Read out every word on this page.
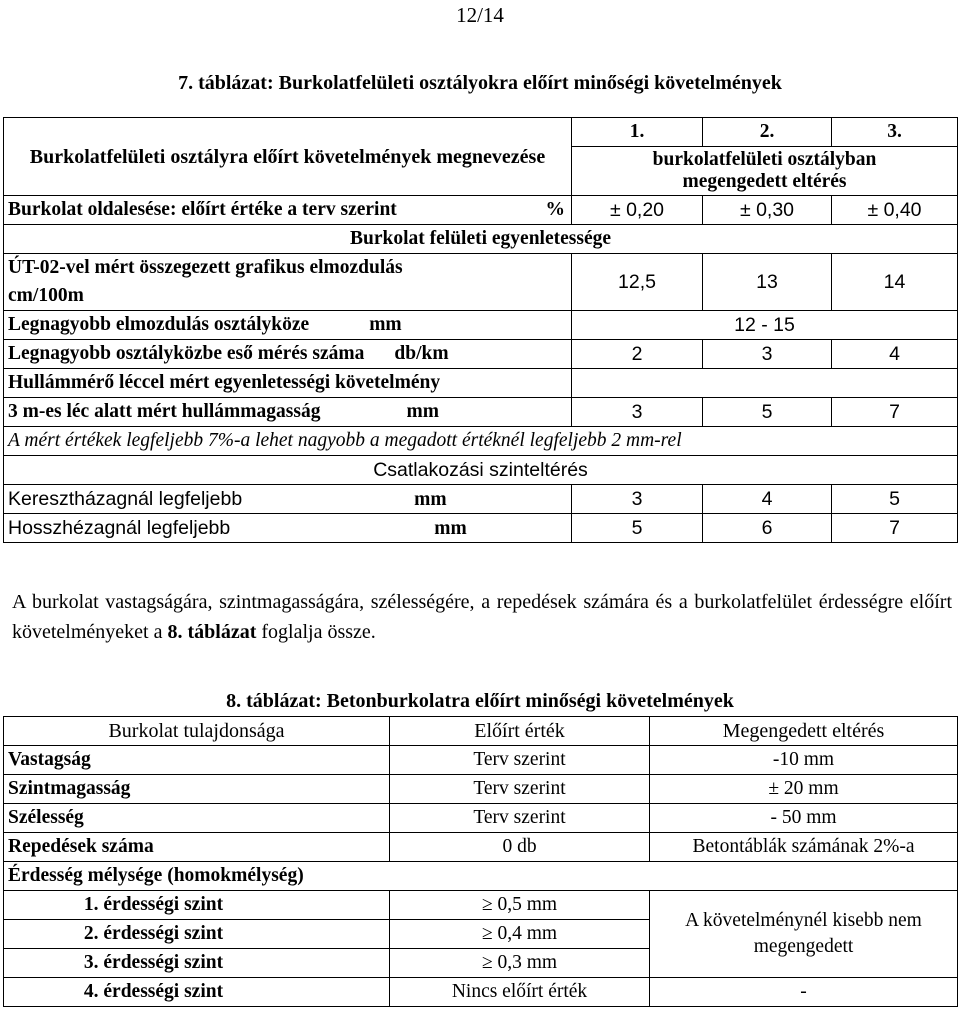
12/14
7. táblázat: Burkolatfelületi osztályokra előírt minőségi követelmények
Burkolatfelületi osztályra előírt követelmények megnevezése	1.	2.	3.
	burkolatfelületi osztályban megengedett eltérés		

Burkolat oldalesése: előírt értéke a terv szerint %	± 0,20	± 0,30	± 0,40
Burkolat felületi egyenletessége			

ÚT-02-vel mért összegezett grafikus elmozdulás
cm/100m	12,5	13	14
Legnagyobb elmozdulás osztályköze mm	12 - 15		
Legnagyobb osztályközbe eső mérés száma db/km	2	3	4
Hullámmérő léccel mért egyenletességi követelmény			
3 m-es léc alatt mért hullámmagasság mm	3	5	7
A mért értékek legfeljebb 7%-a lehet nagyobb a megadott értéknél legfeljebb 2 mm-rel			
Csatlakozási szinteltérés			
Keresztházagnál legfeljebb mm	3	4	5
Hosszhézagnál legfeljebb mm	5	6	7
A burkolat vastagságára, szintmagasságára, szélességére, a repedések számára és a burkolatfelület érdességre előírt követelményeket a 8. táblázat foglalja össze.
8. táblázat: Betonburkolatra előírt minőségi követelmények
Burkolat tulajdonsága	Előírt érték	Megengedett eltérés
Vastagság	Terv szerint	-10 mm
Szintmagasság	Terv szerint	± 20 mm
Szélesség	Terv szerint	- 50 mm
Repedések száma	0 db	Betontáblák számának 2%-a
Érdesség mélysége (homokmélység)		
1. érdességi szint	≥ 0,5 mm	A követelménynél kisebb nem megengedett
2. érdességi szint	≥ 0,4 mm	
3. érdességi szint	≥ 0,3 mm	
4. érdességi szint	Nincs előírt érték	-
